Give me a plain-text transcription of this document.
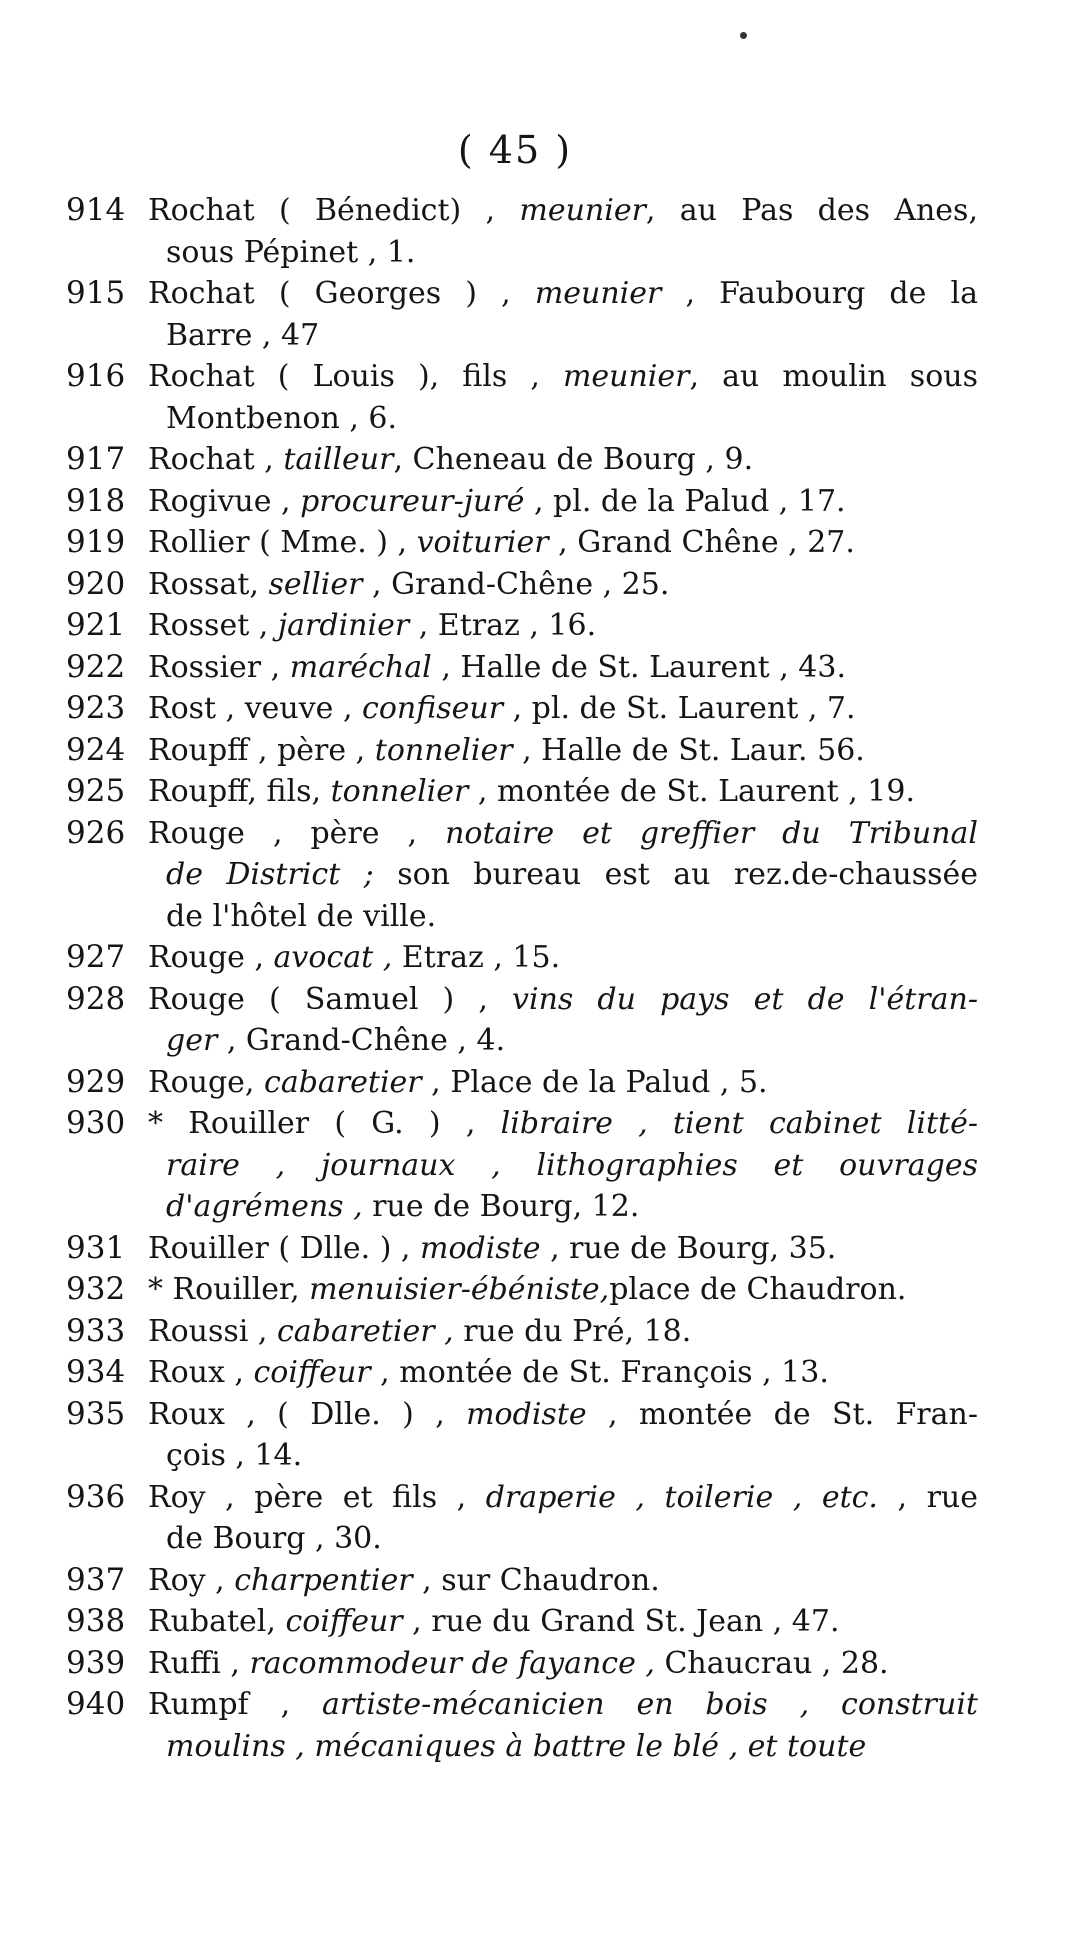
( 45 )
914 Rochat ( Bénedict) , meunier, au Pas des Anes,
sous Pépinet , 1.
915 Rochat ( Georges ) , meunier , Faubourg de la
Barre , 47
916 Rochat ( Louis ), fils , meunier, au moulin sous
Montbenon , 6.
917 Rochat , tailleur, Cheneau de Bourg , 9.
918 Rogivue , procureur-juré , pl. de la Palud , 17.
919 Rollier ( Mme. ) , voiturier , Grand Chêne , 27.
920 Rossat, sellier , Grand-Chêne , 25.
921 Rosset , jardinier , Etraz , 16.
922 Rossier , maréchal , Halle de St. Laurent , 43.
923 Rost , veuve , confiseur , pl. de St. Laurent , 7.
924 Roupff , père , tonnelier , Halle de St. Laur. 56.
925 Roupff, fils, tonnelier , montée de St. Laurent , 19.
926 Rouge , père , notaire et greffier du Tribunal
de District ; son bureau est au rez.de-chaussée
de l'hôtel de ville.
927 Rouge , avocat , Etraz , 15.
928 Rouge ( Samuel ) , vins du pays et de l'étran-
ger , Grand-Chêne , 4.
929 Rouge, cabaretier , Place de la Palud , 5.
930 * Rouiller ( G. ) , libraire , tient cabinet litté-
raire , journaux , lithographies et ouvrages
d'agrémens , rue de Bourg, 12.
931 Rouiller ( Dlle. ) , modiste , rue de Bourg, 35.
932 * Rouiller, menuisier-ébéniste,place de Chaudron.
933 Roussi , cabaretier , rue du Pré, 18.
934 Roux , coiffeur , montée de St. François , 13.
935 Roux , ( Dlle. ) , modiste , montée de St. Fran-
çois , 14.
936 Roy , père et fils , draperie , toilerie , etc. , rue
de Bourg , 30.
937 Roy , charpentier , sur Chaudron.
938 Rubatel, coiffeur , rue du Grand St. Jean , 47.
939 Ruffi , racommodeur de fayance , Chaucrau , 28.
940 Rumpf , artiste-mécanicien en bois , construit
moulins , mécaniques à battre le blé , et toute
